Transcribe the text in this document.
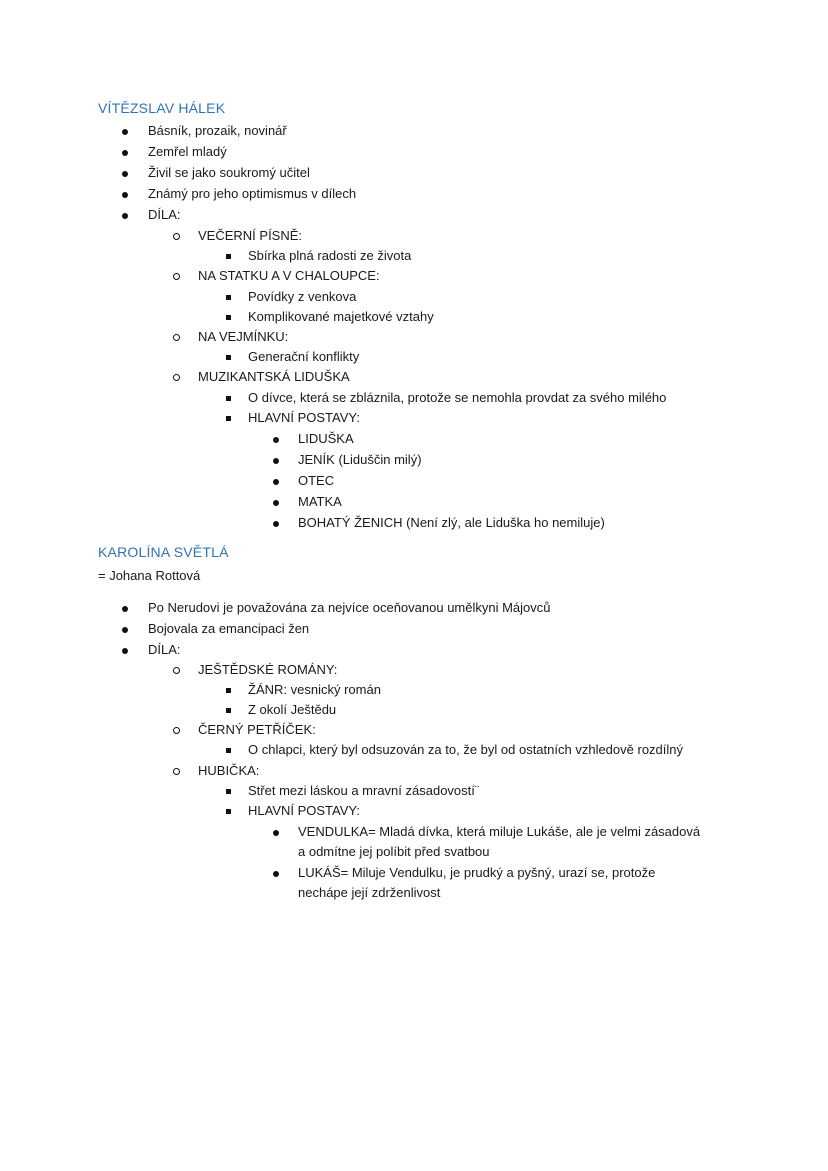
VÍTĚZSLAV HÁLEK
Básník, prozaik, novinář
Zemřel mladý
Živil se jako soukromý učitel
Známý pro jeho optimismus v dílech
DÍLA:
VEČERNÍ PÍSNĚ:
Sbírka plná radosti ze života
NA STATKU A V CHALOUPCE:
Povídky z venkova
Komplikované majetkové vztahy
NA VEJMÍNKU:
Generační konflikty
MUZIKANTSKÁ LIDUŠKA
O dívce, která se zbláznila, protože se nemohla provdat za svého milého
HLAVNÍ POSTAVY:
LIDUŠKA
JENÍK (Liduščin milý)
OTEC
MATKA
BOHATÝ ŽENICH (Není zlý, ale Liduška ho nemiluje)
KAROLÍNA SVĚTLÁ
= Johana Rottová
Po Nerudovi je považována za nejvíce oceňovanou umělkyni Májovců
Bojovala za emancipaci žen
DÍLA:
JEŠTĚDSKÉ ROMÁNY:
ŽÁNR: vesnický román
Z okolí Ještědu
ČERNÝ PETŘÍČEK:
O chlapci, který byl odsuzován za to, že byl od ostatních vzhledově rozdílný
HUBIČKA:
Střet mezi láskou a mravní zásadovostí¨
HLAVNÍ POSTAVY:
VENDULKA= Mladá dívka, která miluje Lukáše, ale je velmi zásadová
a odmítne jej políbit před svatbou
LUKÁŠ= Miluje Vendulku, je prudký a pyšný, urazí se, protože
nechápe její zdrženlivost
